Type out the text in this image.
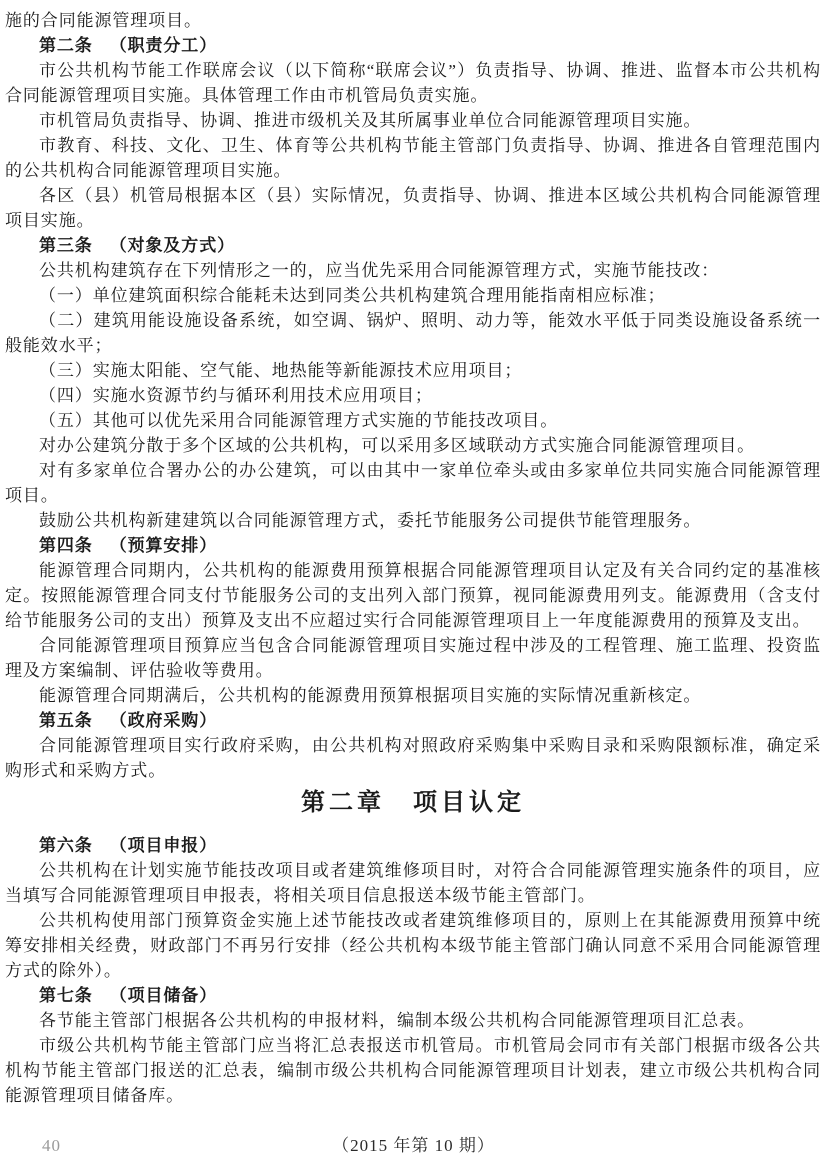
施的合同能源管理项目。

第二条 （职责分工）

市公共机构节能工作联席会议（以下简称“联席会议”）负责指导、协调、推进、监督本市公共机构合同能源管理项目实施。具体管理工作由市机管局负责实施。

市机管局负责指导、协调、推进市级机关及其所属事业单位合同能源管理项目实施。

市教育、科技、文化、卫生、体育等公共机构节能主管部门负责指导、协调、推进各自管理范围内的公共机构合同能源管理项目实施。

各区（县）机管局根据本区（县）实际情况，负责指导、协调、推进本区域公共机构合同能源管理项目实施。

第三条 （对象及方式）

公共机构建筑存在下列情形之一的，应当优先采用合同能源管理方式，实施节能技改：

（一）单位建筑面积综合能耗未达到同类公共机构建筑合理用能指南相应标准；

（二）建筑用能设施设备系统，如空调、锅炉、照明、动力等，能效水平低于同类设施设备系统一般能效水平；

（三）实施太阳能、空气能、地热能等新能源技术应用项目；

（四）实施水资源节约与循环利用技术应用项目；

（五）其他可以优先采用合同能源管理方式实施的节能技改项目。

对办公建筑分散于多个区域的公共机构，可以采用多区域联动方式实施合同能源管理项目。

对有多家单位合署办公的办公建筑，可以由其中一家单位牵头或由多家单位共同实施合同能源管理项目。

鼓励公共机构新建建筑以合同能源管理方式，委托节能服务公司提供节能管理服务。

第四条 （预算安排）

能源管理合同期内，公共机构的能源费用预算根据合同能源管理项目认定及有关合同约定的基准核定。按照能源管理合同支付节能服务公司的支出列入部门预算，视同能源费用列支。能源费用（含支付给节能服务公司的支出）预算及支出不应超过实行合同能源管理项目上一年度能源费用的预算及支出。

合同能源管理项目预算应当包含合同能源管理项目实施过程中涉及的工程管理、施工监理、投资监理及方案编制、评估验收等费用。

能源管理合同期满后，公共机构的能源费用预算根据项目实施的实际情况重新核定。

第五条 （政府采购）

合同能源管理项目实行政府采购，由公共机构对照政府采购集中采购目录和采购限额标准，确定采购形式和采购方式。

第二章　项目认定

第六条 （项目申报）

公共机构在计划实施节能技改项目或者建筑维修项目时，对符合合同能源管理实施条件的项目，应当填写合同能源管理项目申报表，将相关项目信息报送本级节能主管部门。

公共机构使用部门预算资金实施上述节能技改或者建筑维修项目的，原则上在其能源费用预算中统筹安排相关经费，财政部门不再另行安排（经公共机构本级节能主管部门确认同意不采用合同能源管理方式的除外）。

第七条 （项目储备）

各节能主管部门根据各公共机构的申报材料，编制本级公共机构合同能源管理项目汇总表。

市级公共机构节能主管部门应当将汇总表报送市机管局。市机管局会同市有关部门根据市级各公共机构节能主管部门报送的汇总表，编制市级公共机构合同能源管理项目计划表，建立市级公共机构合同能源管理项目储备库。

40	（2015 年第 10 期）
